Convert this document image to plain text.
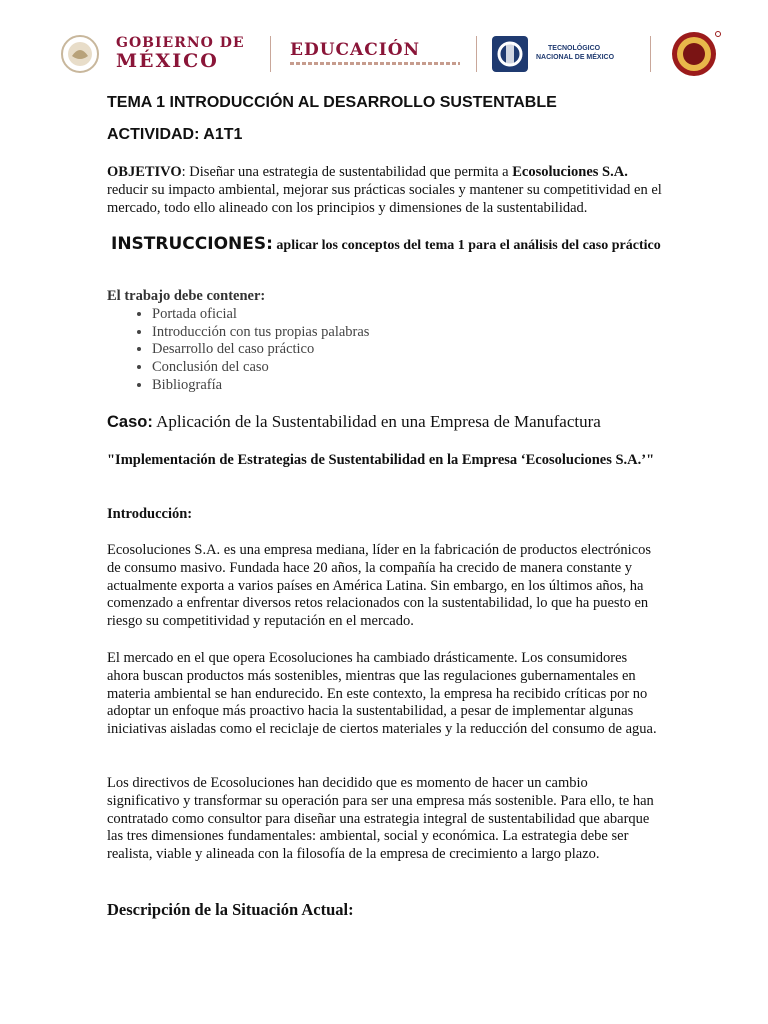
GOBIERNO DE
MÉXICO	EDUCACIÓN	TECNOLÓGICO
NACIONAL DE MÉXICO
TEMA 1 INTRODUCCIÓN AL DESARROLLO SUSTENTABLE
ACTIVIDAD: A1T1

OBJETIVO: Diseñar una estrategia de sustentabilidad que permita a Ecosoluciones S.A. reducir su impacto ambiental, mejorar sus prácticas sociales y mantener su competitividad en el mercado, todo ello alineado con los principios y dimensiones de la sustentabilidad.

INSTRUCCIONES: aplicar los conceptos del tema 1 para el análisis del caso práctico

El trabajo debe contener:

• Portada oficial
• Introducción con tus propias palabras
• Desarrollo del caso práctico
• Conclusión del caso
• Bibliografía

Caso: Aplicación de la Sustentabilidad en una Empresa de Manufactura

"Implementación de Estrategias de Sustentabilidad en la Empresa ‘Ecosoluciones S.A.’"

Introducción:

Ecosoluciones S.A. es una empresa mediana, líder en la fabricación de productos electrónicos de consumo masivo. Fundada hace 20 años, la compañía ha crecido de manera constante y actualmente exporta a varios países en América Latina. Sin embargo, en los últimos años, ha comenzado a enfrentar diversos retos relacionados con la sustentabilidad, lo que ha puesto en riesgo su competitividad y reputación en el mercado.

El mercado en el que opera Ecosoluciones ha cambiado drásticamente. Los consumidores ahora buscan productos más sostenibles, mientras que las regulaciones gubernamentales en materia ambiental se han endurecido. En este contexto, la empresa ha recibido críticas por no adoptar un enfoque más proactivo hacia la sustentabilidad, a pesar de implementar algunas iniciativas aisladas como el reciclaje de ciertos materiales y la reducción del consumo de agua.

Los directivos de Ecosoluciones han decidido que es momento de hacer un cambio significativo y transformar su operación para ser una empresa más sostenible. Para ello, te han contratado como consultor para diseñar una estrategia integral de sustentabilidad que abarque las tres dimensiones fundamentales: ambiental, social y económica. La estrategia debe ser realista, viable y alineada con la filosofía de la empresa de crecimiento a largo plazo.

Descripción de la Situación Actual:
